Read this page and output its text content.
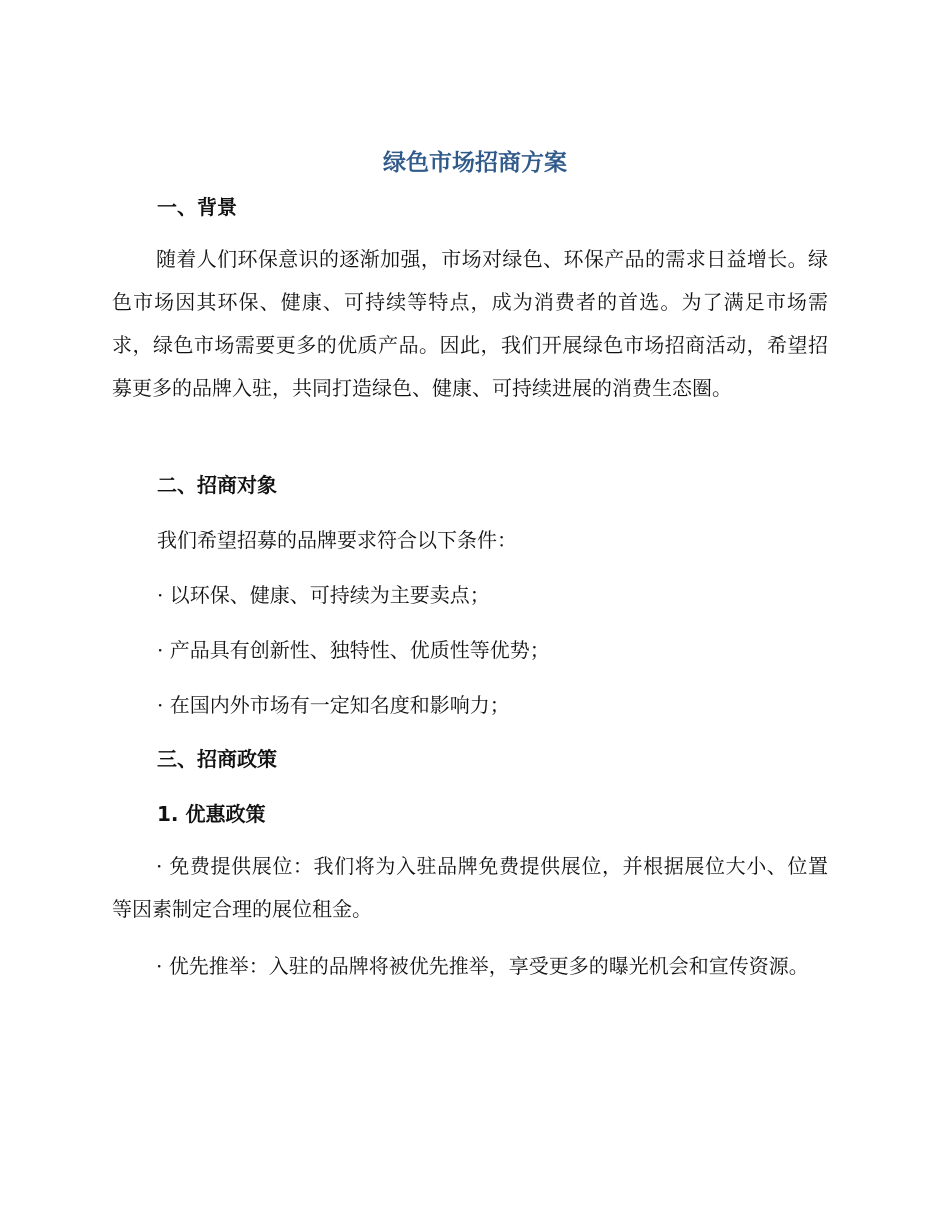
绿色市场招商方案
一、背景

随着人们环保意识的逐渐加强，市场对绿色、环保产品的需求日益增长。绿色市场因其环保、健康、可持续等特点，成为消费者的首选。为了满足市场需求，绿色市场需要更多的优质产品。因此，我们开展绿色市场招商活动，希望招募更多的品牌入驻，共同打造绿色、健康、可持续进展的消费生态圈。

二、招商对象

我们希望招募的品牌要求符合以下条件：

· 以环保、健康、可持续为主要卖点；

· 产品具有创新性、独特性、优质性等优势；

· 在国内外市场有一定知名度和影响力；

三、招商政策
1. 优惠政策

· 免费提供展位：我们将为入驻品牌免费提供展位，并根据展位大小、位置等因素制定合理的展位租金。

· 优先推举：入驻的品牌将被优先推举，享受更多的曝光机会和宣传资源。
